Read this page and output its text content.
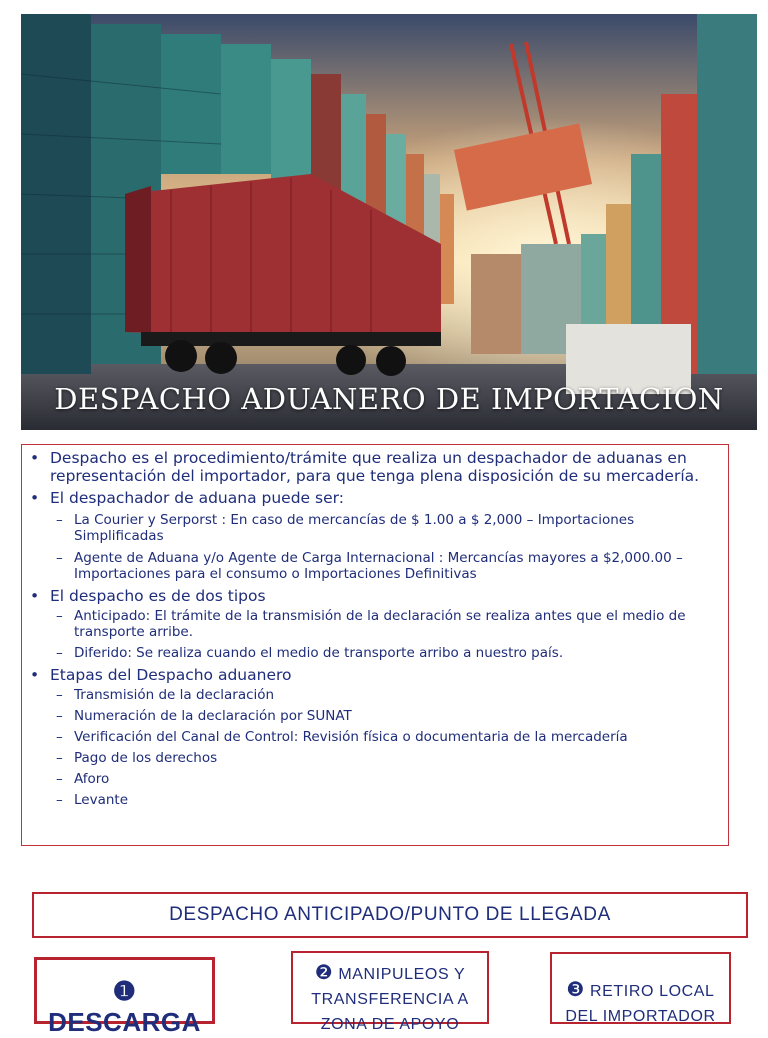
DESPACHO ADUANERO DE IMPORTACION
• Despacho es el procedimiento/trámite que realiza un despachador de aduanas en representación del importador, para que tenga plena disposición de su mercadería.
• El despachador de aduana puede ser:
– La Courier y Serporst : En caso de mercancías de $ 1.00 a $ 2,000 – Importaciones Simplificadas
– Agente de Aduana y/o Agente de Carga Internacional : Mercancías mayores a $2,000.00 – Importaciones para el consumo o Importaciones Definitivas
• El despacho es de dos tipos
– Anticipado: El trámite de la transmisión de la declaración se realiza antes que el medio de transporte arribe.
– Diferido: Se realiza cuando el medio de transporte arribo a nuestro país.
• Etapas del Despacho aduanero
– Transmisión de la declaración
– Numeración de la declaración por SUNAT
– Verificación del Canal de Control: Revisión física o documentaria de la mercadería
– Pago de los derechos
– Aforo
– Levante
DESPACHO ANTICIPADO/PUNTO DE LLEGADA
❶ DESCARGA
❷ MANIPULEOS Y
TRANSFERENCIA A
ZONA DE APOYO
❸ RETIRO LOCAL
DEL IMPORTADOR
